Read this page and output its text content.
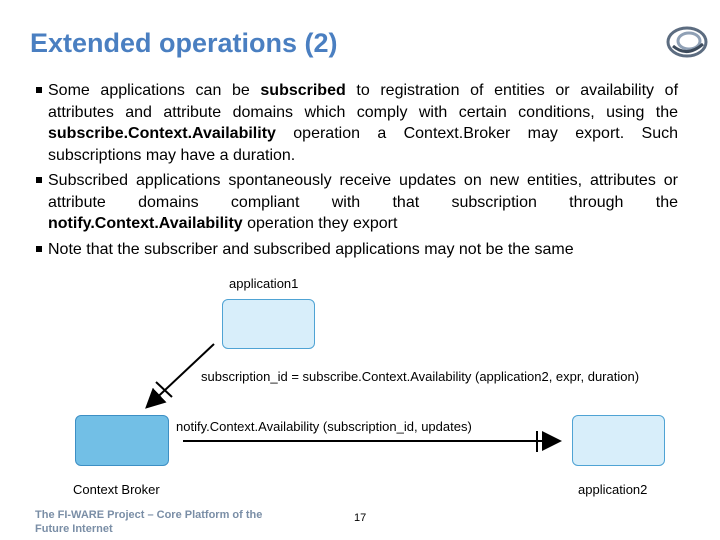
Extended operations (2)
Some applications can be subscribed to registration of entities or availability of attributes and attribute domains which comply with certain conditions, using the subscribe.Context.Availability operation a Context.Broker may export. Such subscriptions may have a duration.
Subscribed applications spontaneously receive updates on new entities, attributes or attribute domains compliant with that subscription through the notify.Context.Availability operation they export
Note that the subscriber and subscribed applications may not be the same
application1
subscription_id = subscribe.Context.Availability (application2, expr, duration)
notify.Context.Availability (subscription_id, updates)
Context Broker	application2
The FI-WARE Project – Core Platform of the Future Internet
17
